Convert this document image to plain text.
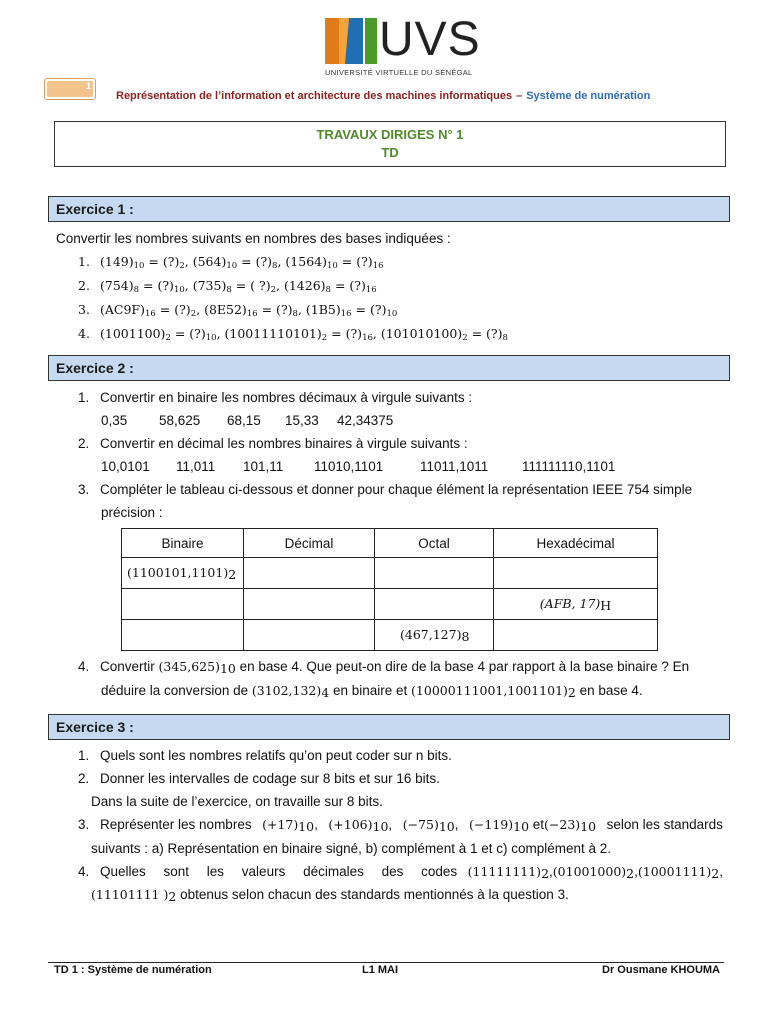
UVS
UNIVERSITÉ VIRTUELLE DU SÉNÉGAL
1
Représentation de l’information et architecture des machines informatiques – Système de numération
TRAVAUX DIRIGES N° 1
TD
Exercice 1 :
Convertir les nombres suivants en nombres des bases indiquées :
1. $(149)_{10}$ = $(?)_2$, $(564)_{10}$ = $(?)_8$, $(1564)_{10}$ = $(?)_{16}$
2. $(754)_8$ = $(?)_{10}$, $(735)_8$ = ( $?)_2$, $(1426)_8$ = $(?)_{16}$
3. $(AC9F)_{16}$ = $(?)_2$, $(8E52)_{16}$ = $(?)_8$, $(1B5)_{16}$ = $(?)_{10}$
4. $(1001100)_2$ = $(?)_{10}$, $(10011110101)_2$ = $(?)_{16}$, $(101010100)_2$ = $(?)_8$
Exercice 2 :
1. Convertir en binaire les nombres décimaux à virgule suivants :
0,35 58,625 68,15 15,33 42,34375
2. Convertir en décimal les nombres binaires à virgule suivants :
10,0101 11,011 101,11 11010,1101	11011,1011 111111110,1101
3. Compléter le tableau ci-dessous et donner pour chaque élément la représentation IEEE 754 simple
précision :
Binaire	Décimal	Octal	Hexadécimal
$(1100101,1101)_2$			
			(AFB, $17)_H$
		$(467,127)_8$	
4. Convertir $(345,625)_{10}$ en base 4. Que peut-on dire de la base 4 par rapport à la base binaire ? En
déduire la conversion de $(3102,132)_4$ en binaire et $(10000111001,1001101)_2$ en base 4.
Exercice 3 :
1. Quels sont les nombres relatifs qu’on peut coder sur n bits.
2. Donner les intervalles de codage sur 8 bits et sur 16 bits.
Dans la suite de l’exercice, on travaille sur 8 bits.
3. Représenter les nombres $(+17)_{10}$, $(+106)_{10}$, $(-75)_{10}$, $(-119)_{10}$ $et(-23)_{10}$ selon les standards
suivants : a) Représentation en binaire signé, b) complément à 1 et c) complément à 2.
4. Quelles sont les valeurs décimales des codes $(11111111)_2,(01001000)_2,(10001111)_2$,
(11101111 )$_2$ obtenus selon chacun des standards mentionnés à la question 3.
TD 1 : Système de numération	L1 MAI	Dr Ousmane KHOUMA
